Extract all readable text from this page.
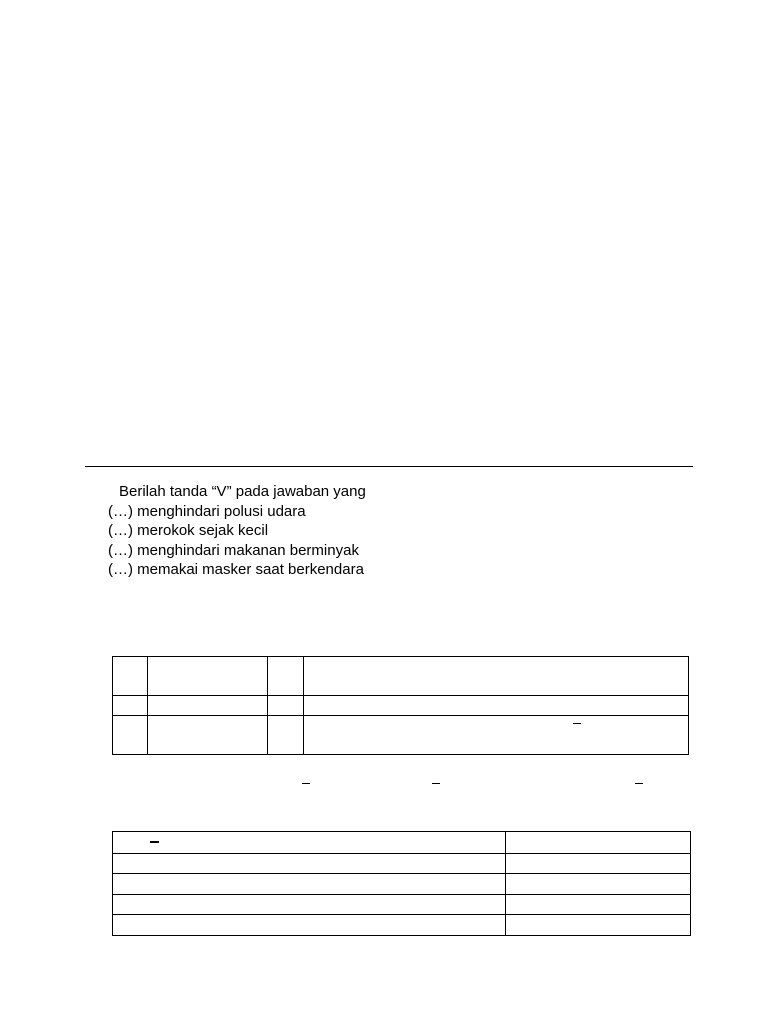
Berilah tanda “V” pada jawaban yang
(…) menghindari polusi udara
(…) merokok sejak kecil
(…) menghindari makanan berminyak
(…) memakai masker saat berkendara
